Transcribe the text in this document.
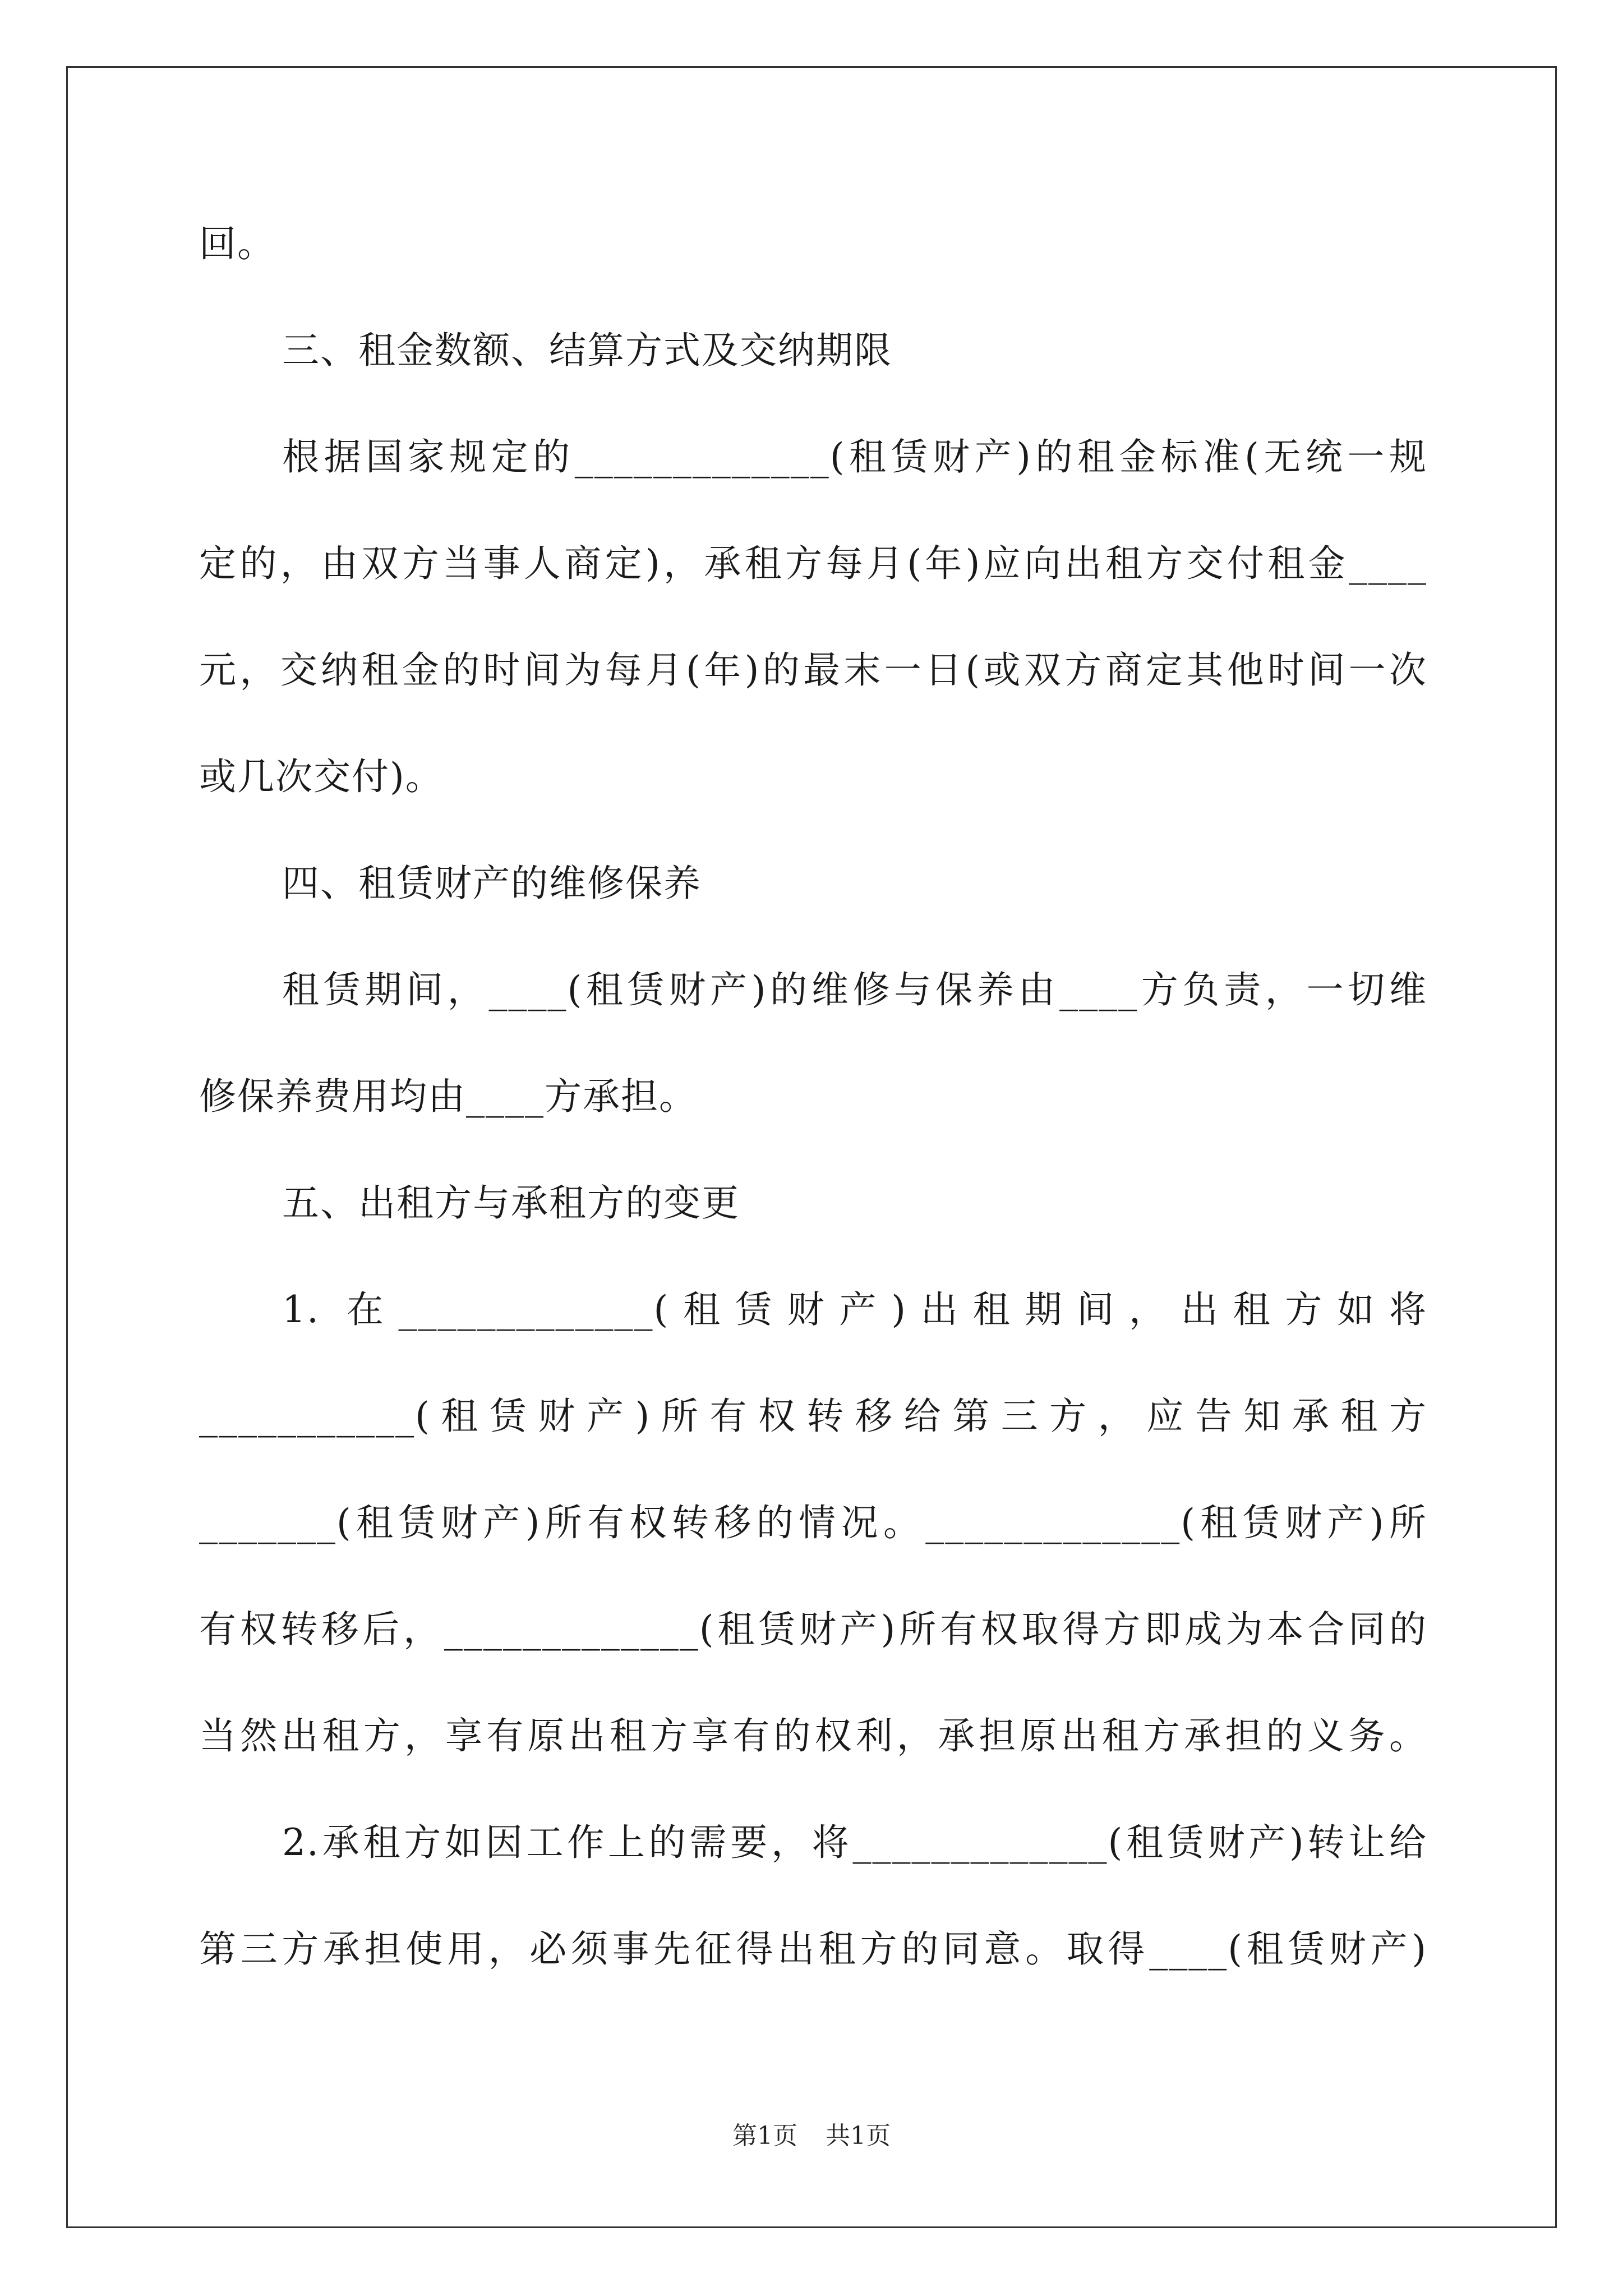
回。
三、租金数额、结算方式及交纳期限
根据国家规定的_____________(租赁财产)的租金标准(无统一规
定的，由双方当事人商定)，承租方每月(年)应向出租方交付租金____
元，交纳租金的时间为每月(年)的最末一日(或双方商定其他时间一次
或几次交付)。
四、租赁财产的维修保养
租赁期间，____(租赁财产)的维修与保养由____方负责，一切维
修保养费用均由____方承担。
五、出租方与承租方的变更
1. 在_____________(租赁财产)出租期间，出租方如将
___________(租赁财产)所有权转移给第三方，应告知承租方
_______(租赁财产)所有权转移的情况。_____________(租赁财产)所
有权转移后，_____________(租赁财产)所有权取得方即成为本合同的
当然出租方，享有原出租方享有的权利，承担原出租方承担的义务。
2.承租方如因工作上的需要，将_____________(租赁财产)转让给
第三方承担使用，必须事先征得出租方的同意。取得____(租赁财产)
第1页 共1页
